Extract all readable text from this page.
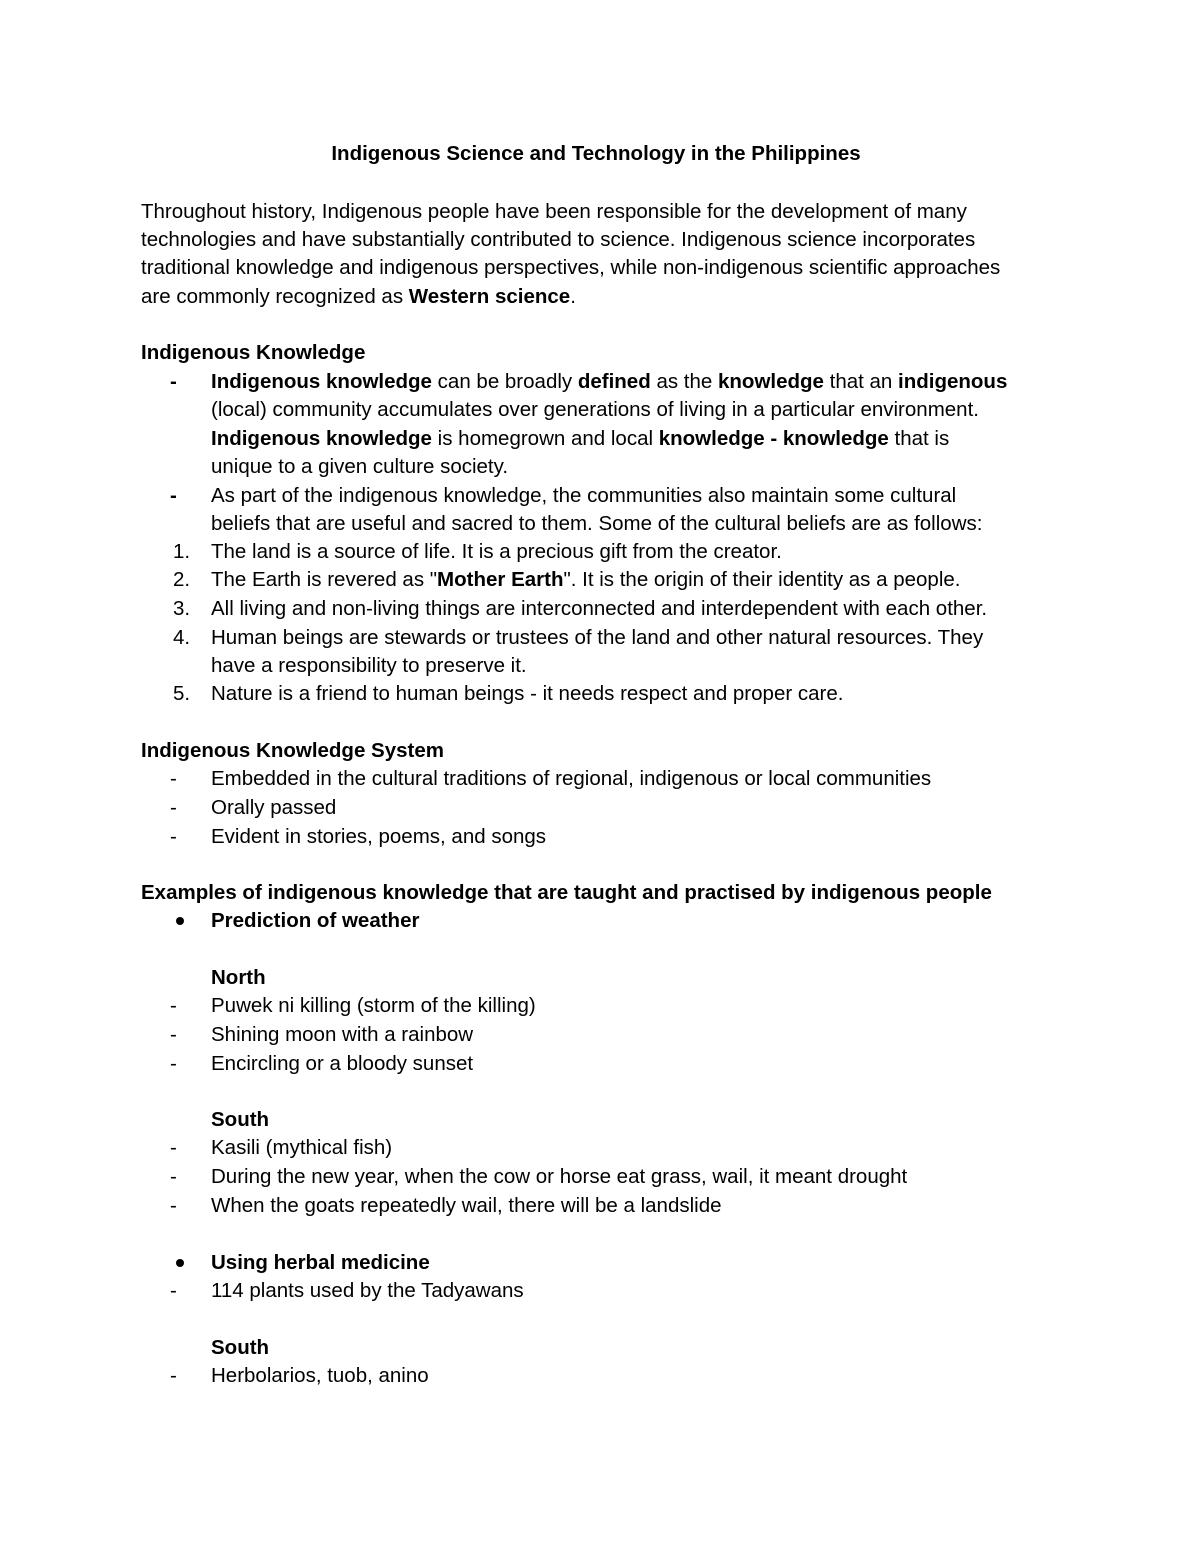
Indigenous Science and Technology in the Philippines
Throughout history, Indigenous people have been responsible for the development of many
technologies and have substantially contributed to science. Indigenous science incorporates
traditional knowledge and indigenous perspectives, while non-indigenous scientific approaches
are commonly recognized as Western science.
Indigenous Knowledge
-	Indigenous knowledge can be broadly defined as the knowledge that an indigenous
(local) community accumulates over generations of living in a particular environment.
Indigenous knowledge is homegrown and local knowledge - knowledge that is
unique to a given culture society.
-	As part of the indigenous knowledge, the communities also maintain some cultural
beliefs that are useful and sacred to them. Some of the cultural beliefs are as follows:
1.	The land is a source of life. It is a precious gift from the creator.
2.	The Earth is revered as "Mother Earth". It is the origin of their identity as a people.
3.	All living and non-living things are interconnected and interdependent with each other.
4.	Human beings are stewards or trustees of the land and other natural resources. They
have a responsibility to preserve it.
5.	Nature is a friend to human beings - it needs respect and proper care.
Indigenous Knowledge System
-	Embedded in the cultural traditions of regional, indigenous or local communities
-	Orally passed
-	Evident in stories, poems, and songs
Examples of indigenous knowledge that are taught and practised by indigenous people
Prediction of weather
North
-	Puwek ni killing (storm of the killing)
-	Shining moon with a rainbow
-	Encircling or a bloody sunset
South
-	Kasili (mythical fish)
-	During the new year, when the cow or horse eat grass, wail, it meant drought
-	When the goats repeatedly wail, there will be a landslide
Using herbal medicine
-	114 plants used by the Tadyawans
South
-	Herbolarios, tuob, anino
